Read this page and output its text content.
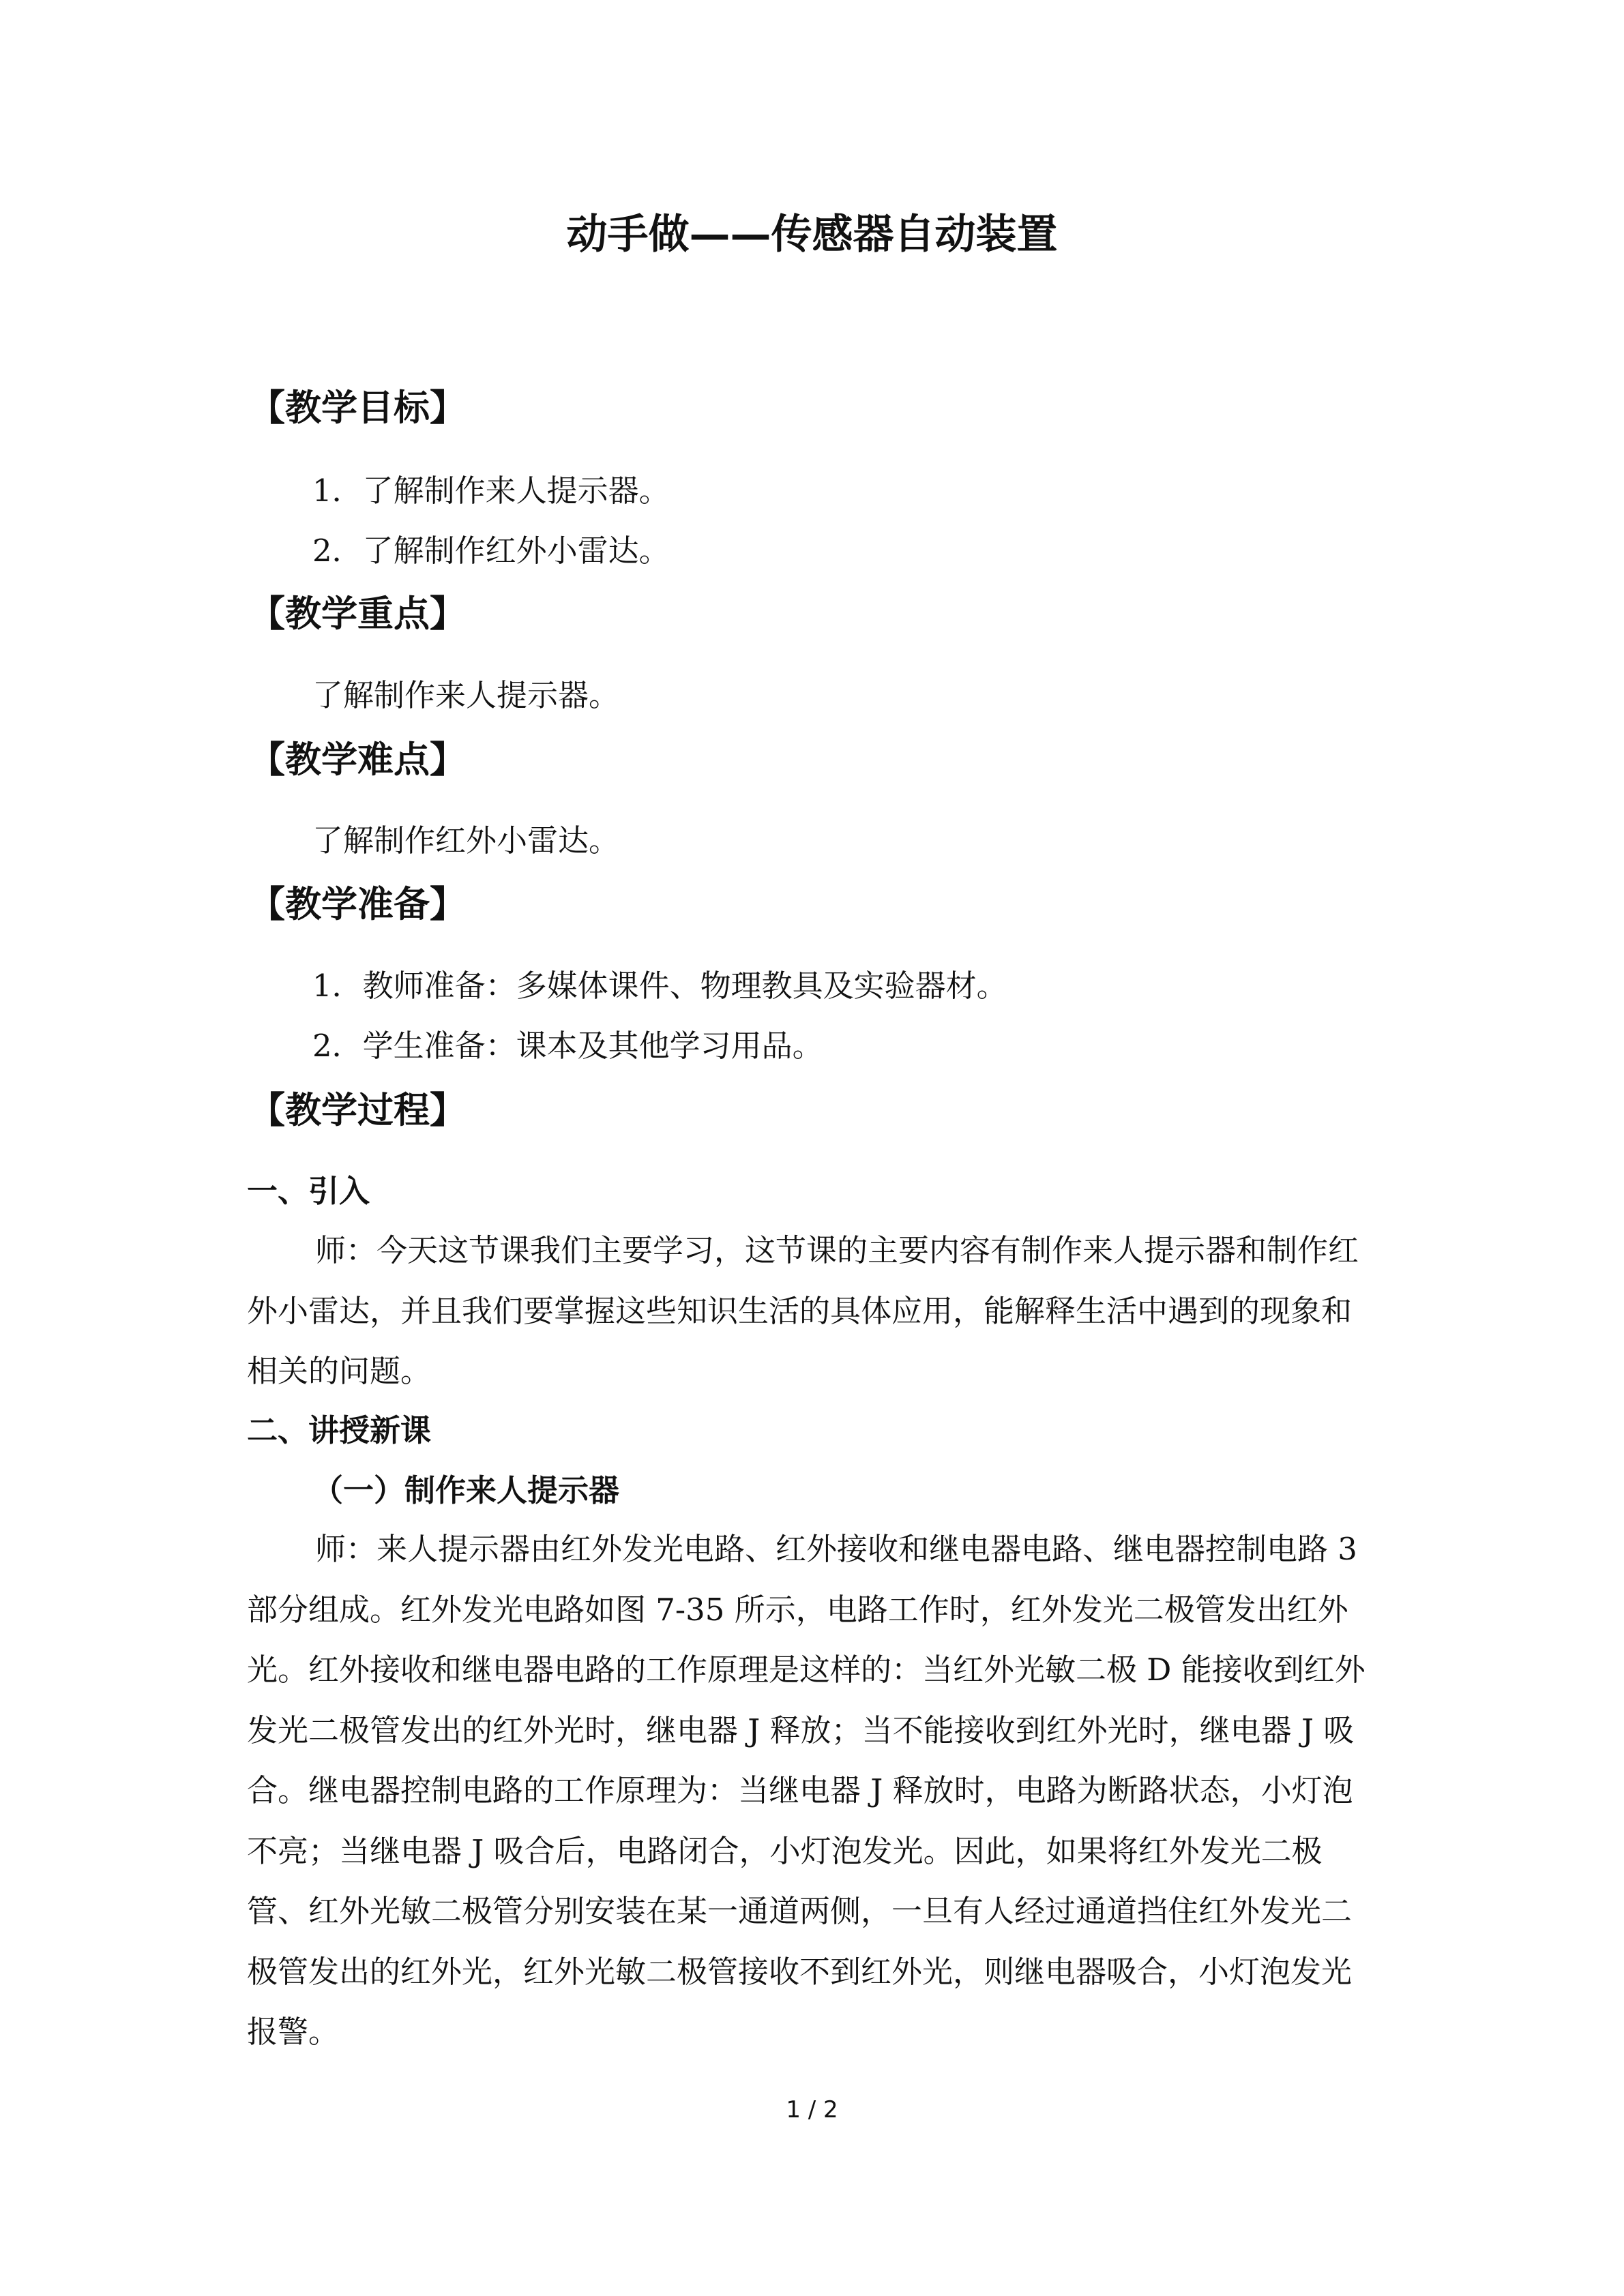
动手做——传感器自动装置
【教学目标】
1．了解制作来人提示器。
2．了解制作红外小雷达。
【教学重点】
了解制作来人提示器。
【教学难点】
了解制作红外小雷达。
【教学准备】
1．教师准备：多媒体课件、物理教具及实验器材。
2．学生准备：课本及其他学习用品。
【教学过程】
一、引入
师：今天这节课我们主要学习，这节课的主要内容有制作来人提示器和制作红外小雷达，并且我们要掌握这些知识生活的具体应用，能解释生活中遇到的现象和相关的问题。
二、讲授新课
（一）制作来人提示器
师：来人提示器由红外发光电路、红外接收和继电器电路、继电器控制电路 3 部分组成。红外发光电路如图 7-35 所示，电路工作时，红外发光二极管发出红外光。红外接收和继电器电路的工作原理是这样的：当红外光敏二极 D 能接收到红外发光二极管发出的红外光时，继电器 J 释放；当不能接收到红外光时，继电器 J 吸合。继电器控制电路的工作原理为：当继电器 J 释放时，电路为断路状态，小灯泡不亮；当继电器 J 吸合后，电路闭合，小灯泡发光。因此，如果将红外发光二极管、红外光敏二极管分别安装在某一通道两侧，一旦有人经过通道挡住红外发光二极管发出的红外光，红外光敏二极管接收不到红外光，则继电器吸合，小灯泡发光报警。
1 / 2
